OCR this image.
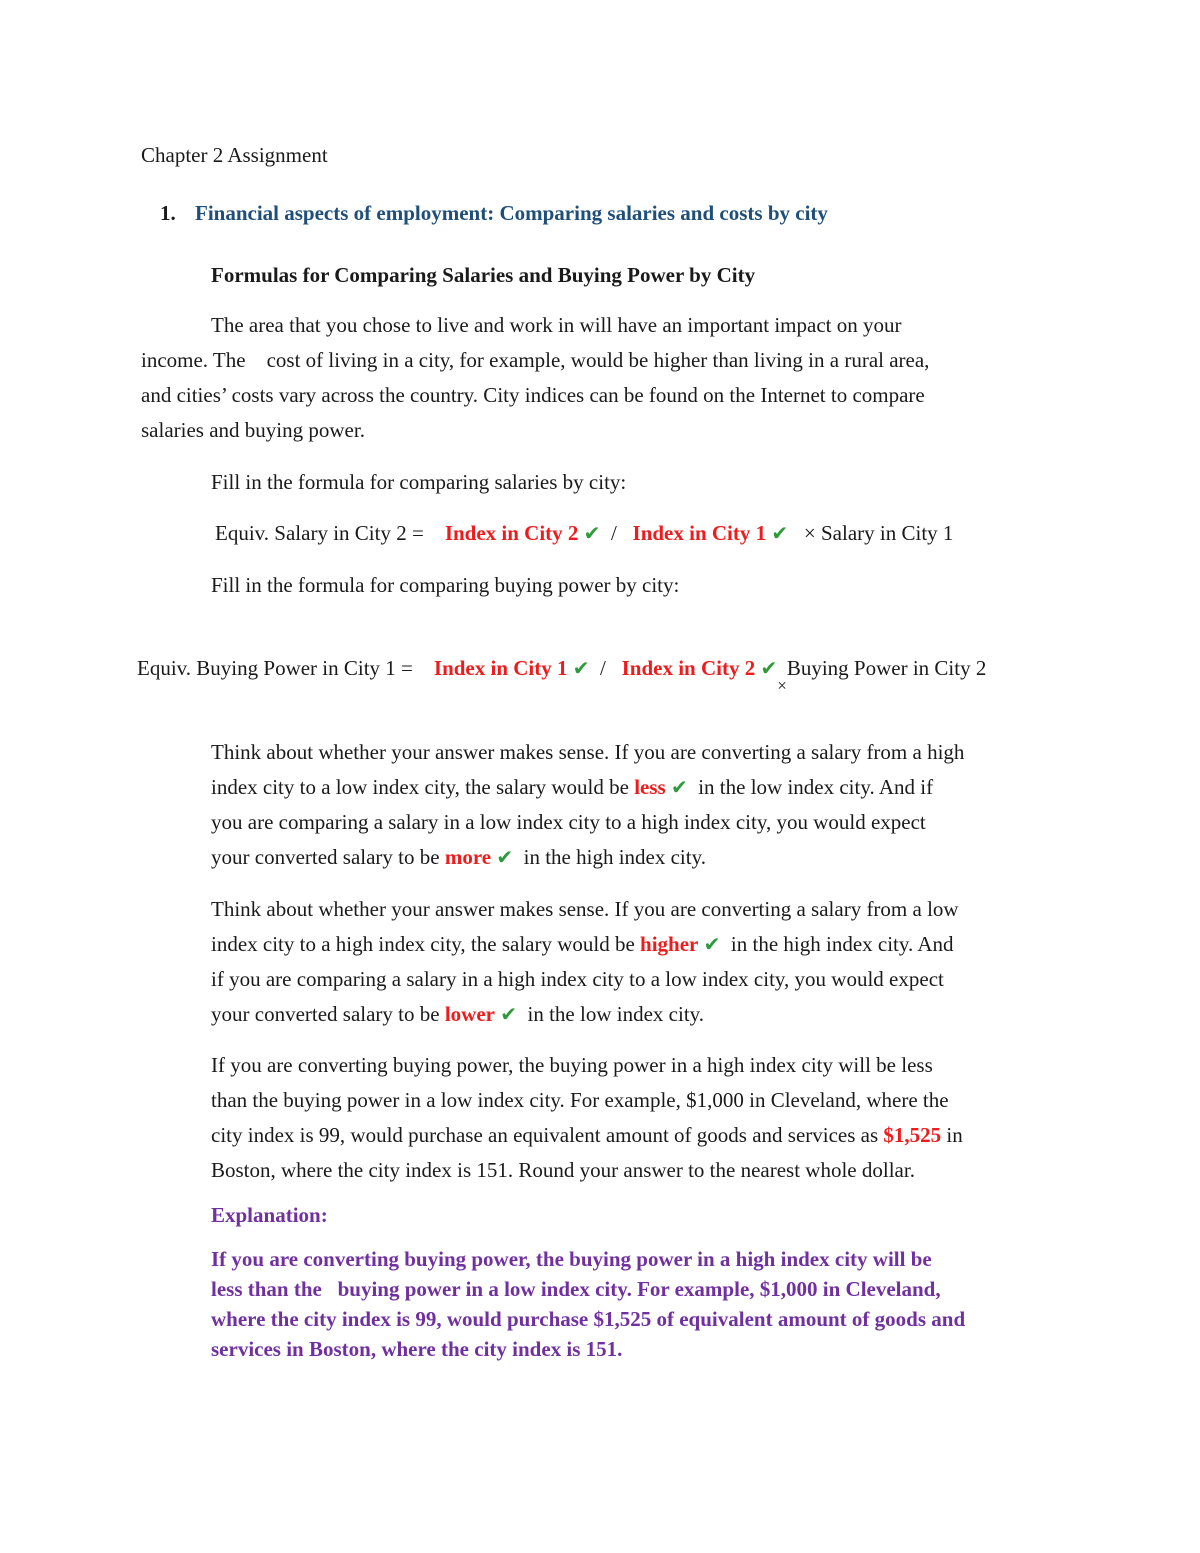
Chapter 2 Assignment
1. Financial aspects of employment: Comparing salaries and costs by city
Formulas for Comparing Salaries and Buying Power by City
The area that you chose to live and work in will have an important impact on your
income. The    cost of living in a city, for example, would be higher than living in a rural area,
and cities’ costs vary across the country. City indices can be found on the Internet to compare
salaries and buying power.
Fill in the formula for comparing salaries by city:
Equiv. Salary in City 2 = Index in City 2 ✔ / Index in City 1 ✔ × Salary in City 1
Fill in the formula for comparing buying power by city:
Equiv. Buying Power in City 1 = Index in City 1 ✔ / Index in City 2 $✔_\times Buying$ Power in City 2
Think about whether your answer makes sense. If you are converting a salary from a high
index city to a low index city, the salary would be less ✔ in the low index city. And if
you are comparing a salary in a low index city to a high index city, you would expect
your converted salary to be more ✔ in the high index city.
Think about whether your answer makes sense. If you are converting a salary from a low
index city to a high index city, the salary would be higher ✔ in the high index city. And
if you are comparing a salary in a high index city to a low index city, you would expect
your converted salary to be lower ✔ in the low index city.
If you are converting buying power, the buying power in a high index city will be less
than the buying power in a low index city. For example, $1,000 in Cleveland, where the
city index is 99, would purchase an equivalent amount of goods and services as $1,525 in
Boston, where the city index is 151. Round your answer to the nearest whole dollar.
Explanation:
If you are converting buying power, the buying power in a high index city will be
less than the   buying power in a low index city. For example, $1,000 in Cleveland,
where the city index is 99, would purchase $1,525 of equivalent amount of goods and
services in Boston, where the city index is 151.
